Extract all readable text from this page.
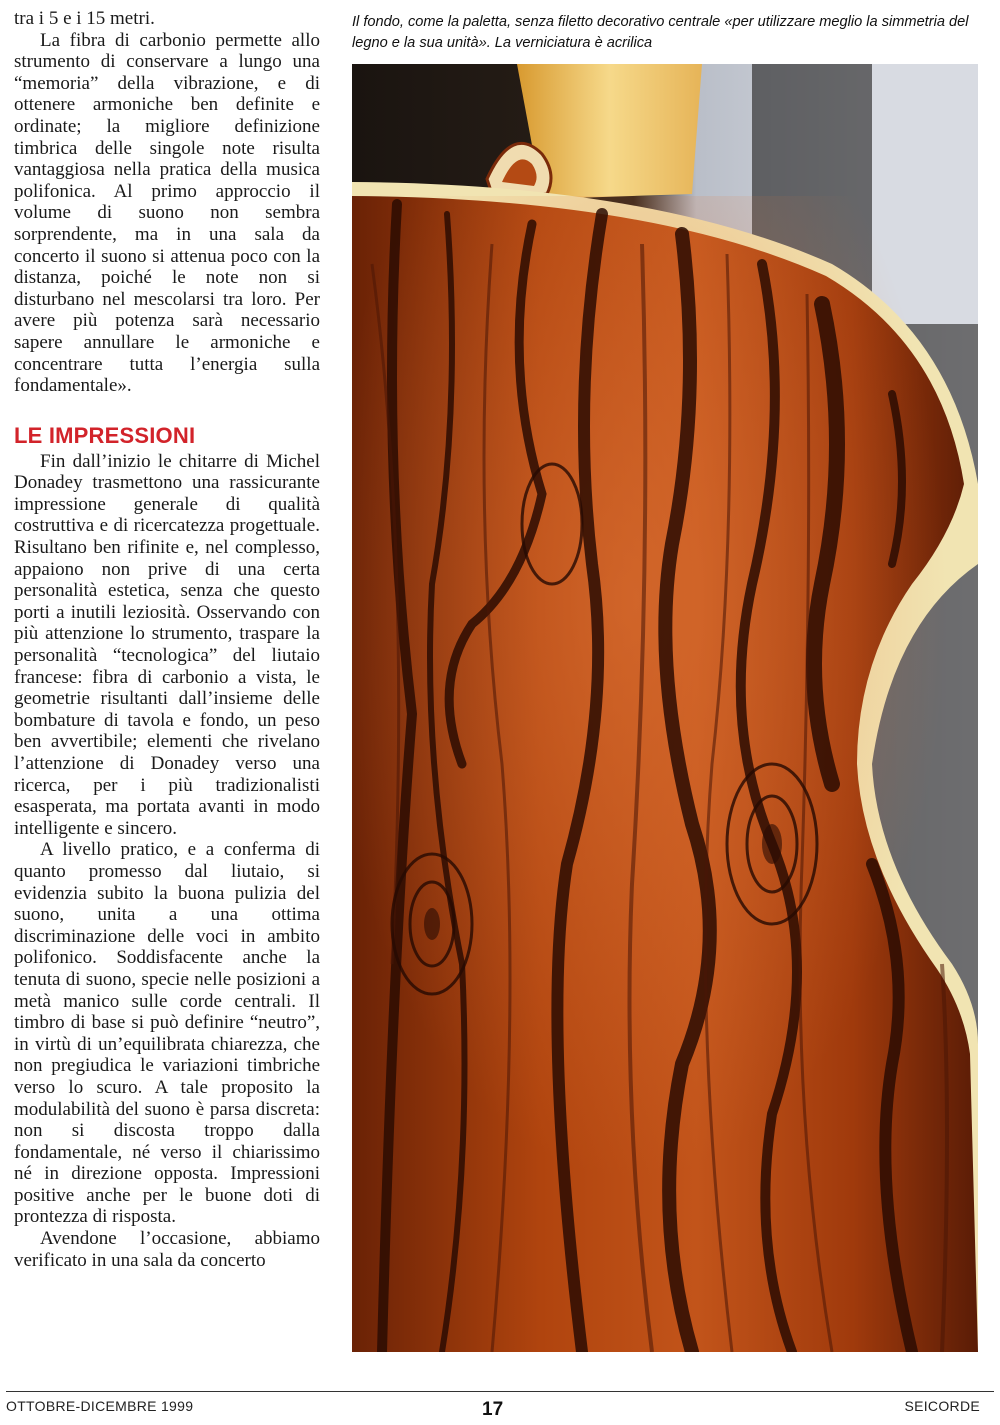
tra i 5 e i 15 metri.

La fibra di carbonio permette allo strumento di conservare a lungo una “memoria” della vibrazione, e di ottenere armoniche ben definite e ordinate; la migliore definizione timbrica delle singole note risulta vantaggiosa nella pratica della musica polifonica. Al primo approccio il volume di suono non sembra sorprendente, ma in una sala da concerto il suono si attenua poco con la distanza, poiché le note non si disturbano nel mescolarsi tra loro. Per avere più potenza sarà necessario sapere annullare le armoniche e concentrare tutta l’energia sulla fondamentale».

LE IMPRESSIONI

Fin dall’inizio le chitarre di Michel Donadey trasmettono una rassicurante impressione generale di qualità costruttiva e di ricercatezza progettuale. Risultano ben rifinite e, nel complesso, appaiono non prive di una certa personalità estetica, senza che questo porti a inutili leziosità. Osservando con più attenzione lo strumento, traspare la personalità “tecnologica” del liutaio francese: fibra di carbonio a vista, le geometrie risultanti dall’insieme delle bombature di tavola e fondo, un peso ben avvertibile; elementi che rivelano l’attenzione di Donadey verso una ricerca, per i più tradizionalisti esasperata, ma portata avanti in modo intelligente e sincero.

A livello pratico, e a conferma di quanto promesso dal liutaio, si evidenzia subito la buona pulizia del suono, unita a una ottima discriminazione delle voci in ambito polifonico. Soddisfacente anche la tenuta di suono, specie nelle posizioni a metà manico sulle corde centrali. Il timbro di base si può definire “neutro”, in virtù di un’equilibrata chiarezza, che non pregiudica le variazioni timbriche verso lo scuro. A tale proposito la modulabilità del suono è parsa discreta: non si discosta troppo dalla fondamentale, né verso il chiarissimo né in direzione opposta. Impressioni positive anche per le buone doti di prontezza di risposta.

Avendone l’occasione, abbiamo verificato in una sala da concerto

Il fondo, come la paletta, senza filetto decorativo centrale «per utilizzare meglio la simmetria del legno e la sua unità». La verniciatura è acrilica
OTTOBRE-DICEMBRE 1999	17	SEICORDE
